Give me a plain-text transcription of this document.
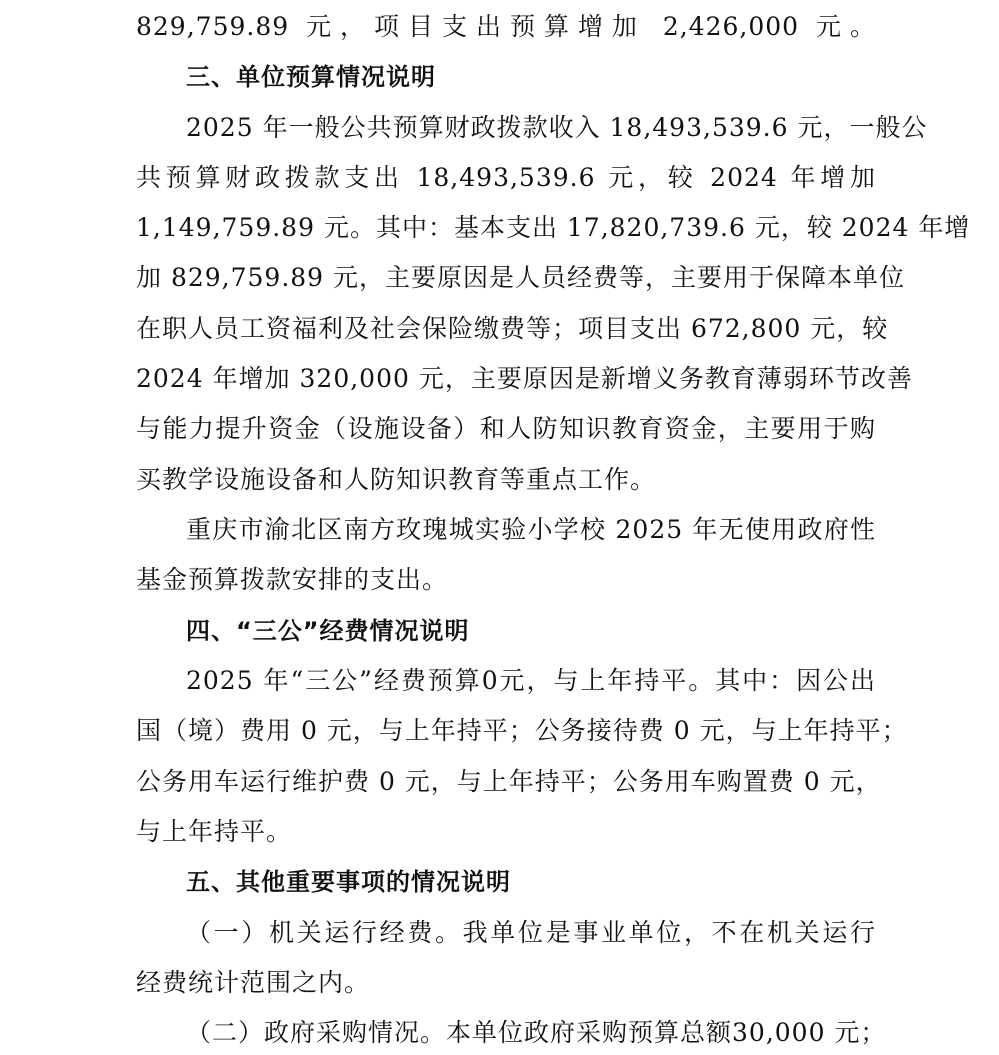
829,759.89 元，项目支出预算增加 2,426,000 元。
三、单位预算情况说明
2025 年一般公共预算财政拨款收入 18,493,539.6 元，一般公
共预算财政拨款支出 18,493,539.6 元，较 2024 年增加
1,149,759.89 元。其中：基本支出 17,820,739.6 元，较 2024 年增
加 829,759.89 元，主要原因是人员经费等，主要用于保障本单位
在职人员工资福利及社会保险缴费等；项目支出 672,800 元，较
2024 年增加 320,000 元，主要原因是新增义务教育薄弱环节改善
与能力提升资金（设施设备）和人防知识教育资金，主要用于购
买教学设施设备和人防知识教育等重点工作。
重庆市渝北区南方玫瑰城实验小学校 2025 年无使用政府性
基金预算拨款安排的支出。
四、“三公”经费情况说明
2025 年“三公”经费预算0元，与上年持平。其中：因公出
国（境）费用 0 元，与上年持平；公务接待费 0 元，与上年持平；
公务用车运行维护费 0 元，与上年持平；公务用车购置费 0 元，
与上年持平。
五、其他重要事项的情况说明
（一）机关运行经费。我单位是事业单位，不在机关运行
经费统计范围之内。
（二）政府采购情况。本单位政府采购预算总额30,000 元；
